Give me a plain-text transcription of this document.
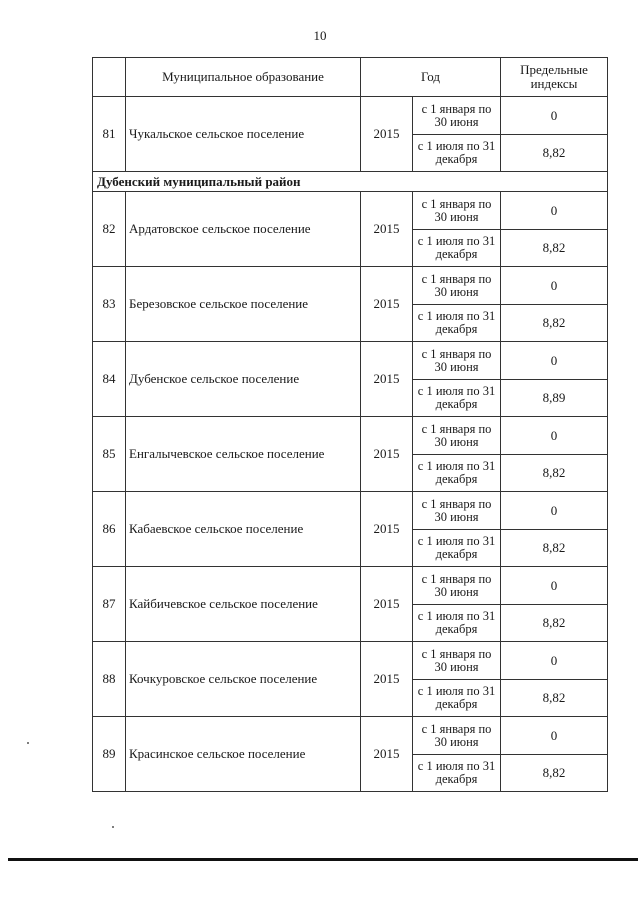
10
	Муниципальное образование	Год		Предельные индексы
81	Чукальское сельское поселение	2015	с 1 января по 30 июня	0
			с 1 июля по 31 декабря	8,82
Дубенский муниципальный район				
82	Ардатовское сельское поселение	2015	с 1 января по 30 июня	0
			с 1 июля по 31 декабря	8,82
83	Березовское сельское поселение	2015	с 1 января по 30 июня	0
			с 1 июля по 31 декабря	8,82
84	Дубенское сельское поселение	2015	с 1 января по 30 июня	0
			с 1 июля по 31 декабря	8,89
85	Енгалычевское сельское поселение	2015	с 1 января по 30 июня	0
			с 1 июля по 31 декабря	8,82
86	Кабаевское сельское поселение	2015	с 1 января по 30 июня	0
			с 1 июля по 31 декабря	8,82
87	Кайбичевское сельское поселение	2015	с 1 января по 30 июня	0
			с 1 июля по 31 декабря	8,82
88	Кочкуровское сельское поселение	2015	с 1 января по 30 июня	0
			с 1 июля по 31 декабря	8,82
89	Красинское сельское поселение	2015	с 1 января по 30 июня	0
			с 1 июля по 31 декабря	8,82
